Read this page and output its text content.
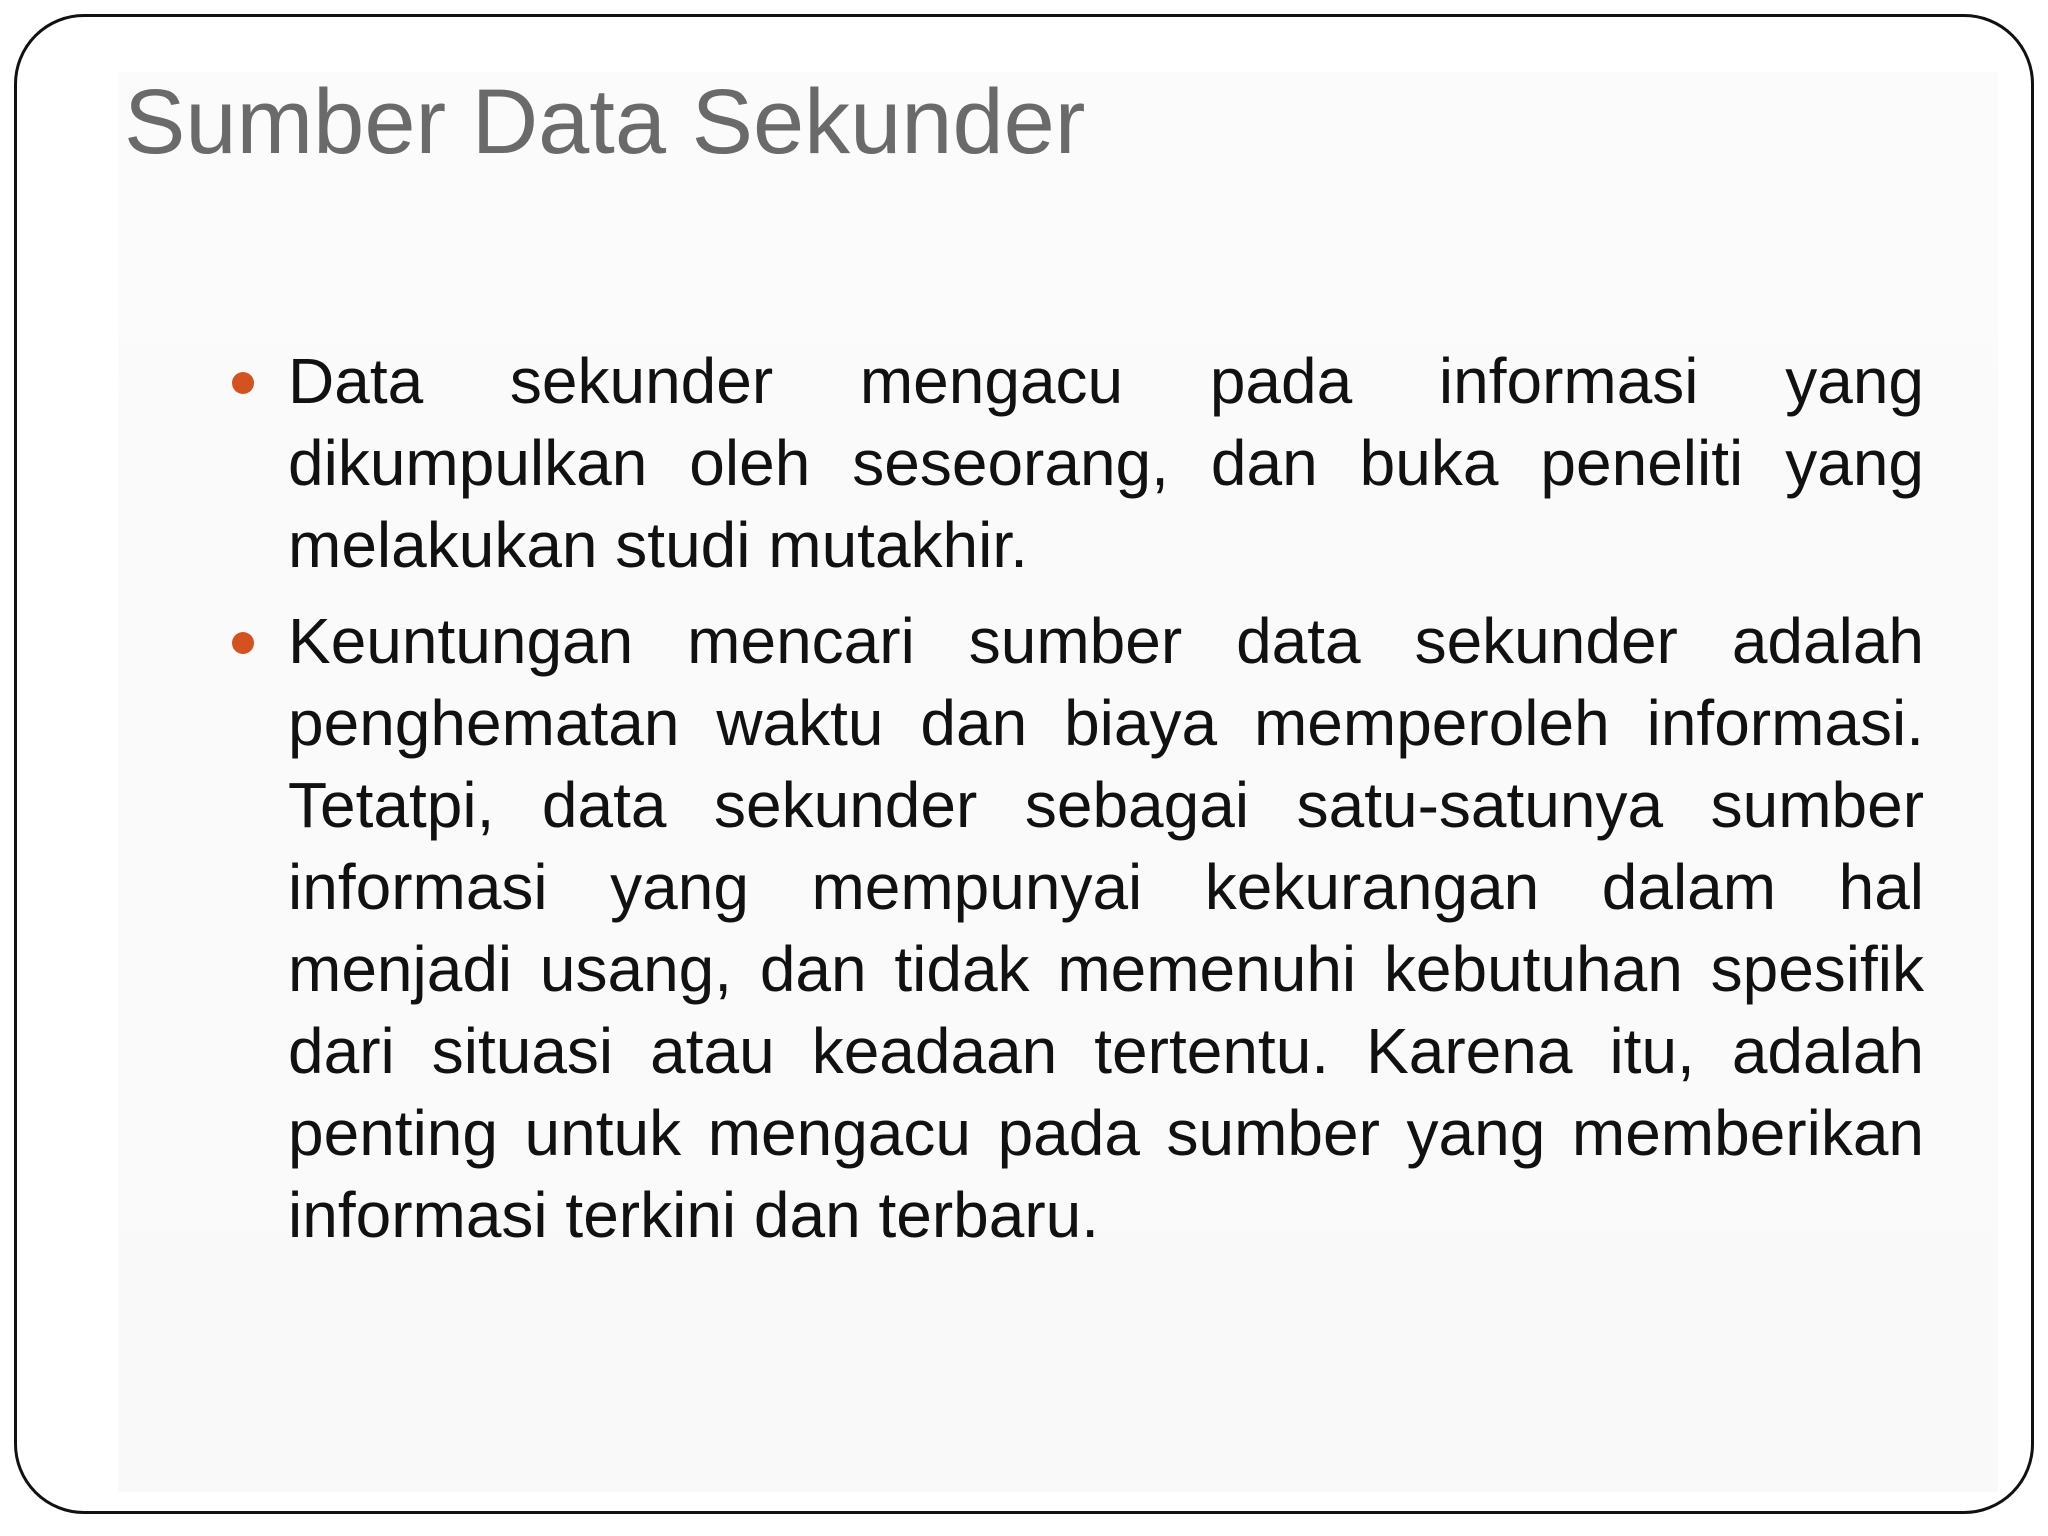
Sumber Data Sekunder
Data sekunder mengacu pada informasi yang dikumpulkan oleh seseorang, dan buka peneliti yang melakukan studi mutakhir.
Keuntungan mencari sumber data sekunder adalah penghematan waktu dan biaya memperoleh informasi. Tetatpi, data sekunder sebagai satu-satunya sumber informasi yang mempunyai kekurangan dalam hal menjadi usang, dan tidak memenuhi kebutuhan spesifik dari situasi atau keadaan tertentu. Karena itu, adalah penting untuk mengacu pada sumber yang memberikan informasi terkini dan terbaru.
